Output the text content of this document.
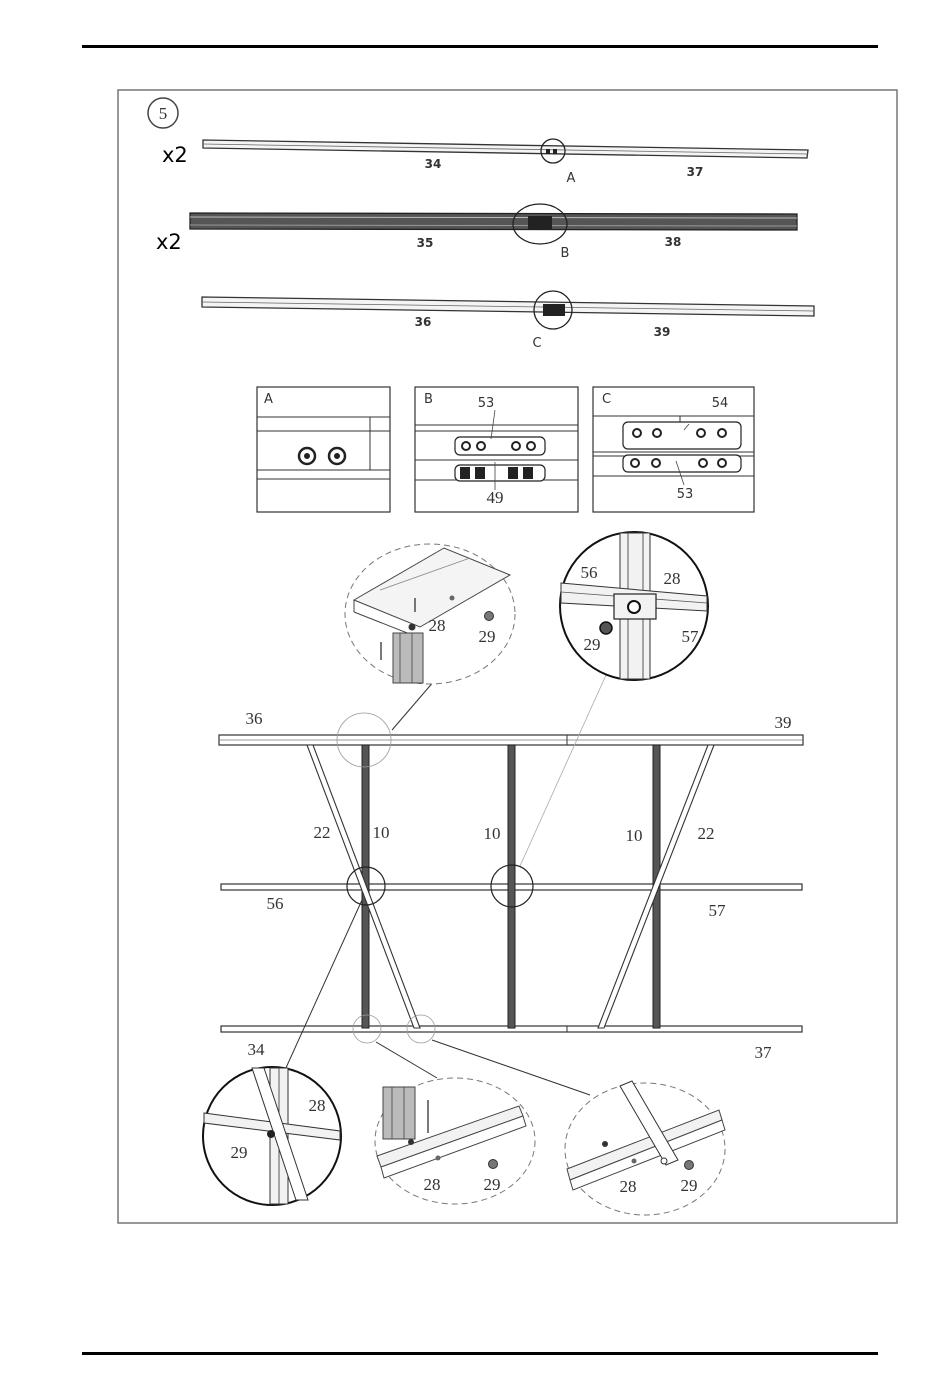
5
x2	34
37
A
x2	35	38
B
36
39
C
A	B	53
49
C	54
53
36	39
56	57
34	37
10	10	10
22	22
28
29
56	28
29	57
28
29
28	29	28	29
